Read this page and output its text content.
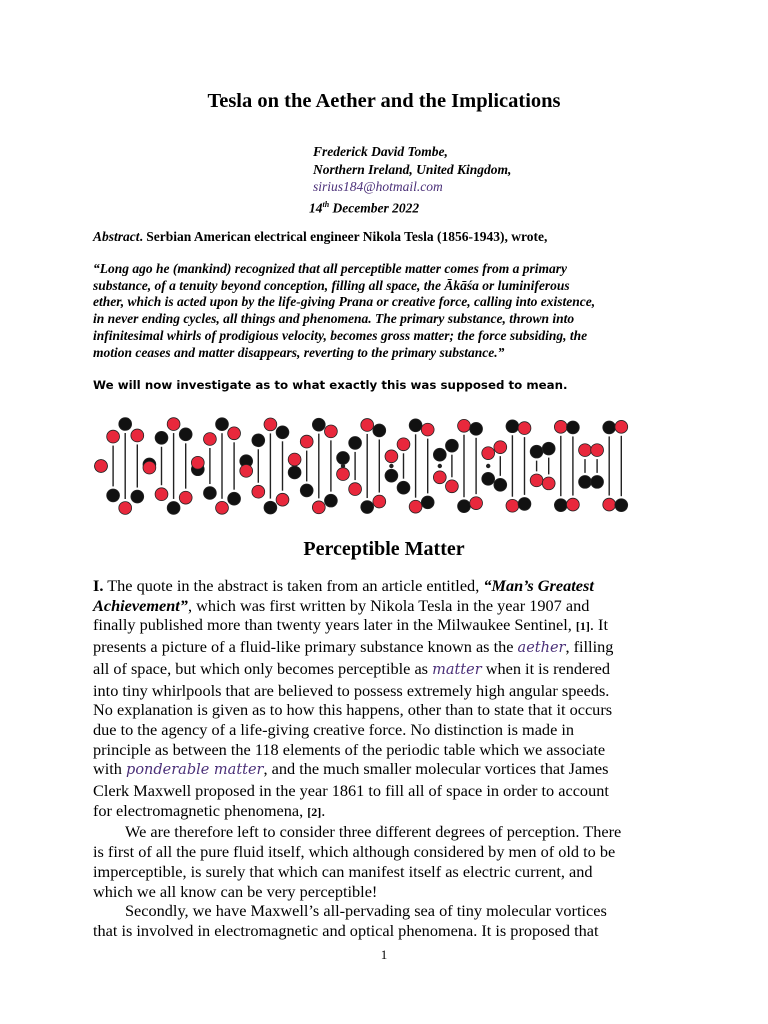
Tesla on the Aether and the Implications
Frederick David Tombe,
Northern Ireland, United Kingdom,
sirius184@hotmail.com
14th December 2022

Abstract. Serbian American electrical engineer Nikola Tesla (1856-1943), wrote,

“Long ago he (mankind) recognized that all perceptible matter comes from a primary
substance, of a tenuity beyond conception, filling all space, the Ākāśa or luminiferous
ether, which is acted upon by the life-giving Prana or creative force, calling into existence,
in never ending cycles, all things and phenomena. The primary substance, thrown into
infinitesimal whirls of prodigious velocity, becomes gross matter; the force subsiding, the
motion ceases and matter disappears, reverting to the primary substance.”

We will now investigate as to what exactly this was supposed to mean.

Perceptible Matter
I. The quote in the abstract is taken from an article entitled, “Man’s Greatest
Achievement”, which was first written by Nikola Tesla in the year 1907 and
finally published more than twenty years later in the Milwaukee Sentinel, [1]. It
presents a picture of a fluid-like primary substance known as the aether, filling
all of space, but which only becomes perceptible as matter when it is rendered
into tiny whirlpools that are believed to possess extremely high angular speeds.
No explanation is given as to how this happens, other than to state that it occurs
due to the agency of a life-giving creative force. No distinction is made in
principle as between the 118 elements of the periodic table which we associate
with ponderable matter, and the much smaller molecular vortices that James
Clerk Maxwell proposed in the year 1861 to fill all of space in order to account
for electromagnetic phenomena, [2].
We are therefore left to consider three different degrees of perception. There
is first of all the pure fluid itself, which although considered by men of old to be
imperceptible, is surely that which can manifest itself as electric current, and
which we all know can be very perceptible!
Secondly, we have Maxwell’s all-pervading sea of tiny molecular vortices
that is involved in electromagnetic and optical phenomena. It is proposed that

1
